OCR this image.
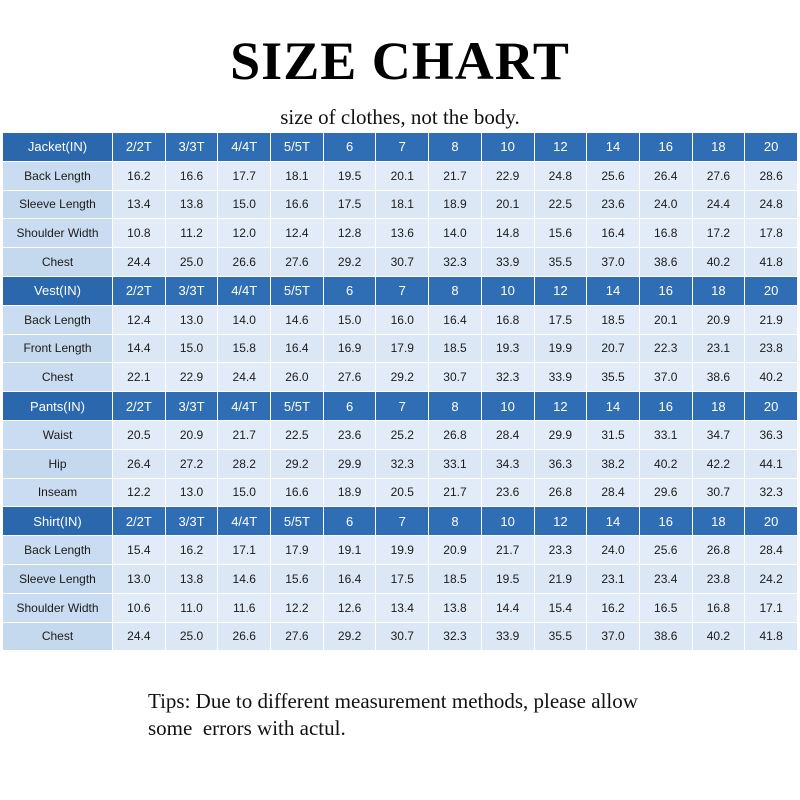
SIZE CHART
size of clothes, not the body.
Jacket(IN)	2/2T	3/3T	4/4T	5/5T	6	7	8	10	12	14	16	18	20
Back Length	16.2	16.6	17.7	18.1	19.5	20.1	21.7	22.9	24.8	25.6	26.4	27.6	28.6
Sleeve Length	13.4	13.8	15.0	16.6	17.5	18.1	18.9	20.1	22.5	23.6	24.0	24.4	24.8
Shoulder Width	10.8	11.2	12.0	12.4	12.8	13.6	14.0	14.8	15.6	16.4	16.8	17.2	17.8
Chest	24.4	25.0	26.6	27.6	29.2	30.7	32.3	33.9	35.5	37.0	38.6	40.2	41.8
Vest(IN)	2/2T	3/3T	4/4T	5/5T	6	7	8	10	12	14	16	18	20
Back Length	12.4	13.0	14.0	14.6	15.0	16.0	16.4	16.8	17.5	18.5	20.1	20.9	21.9
Front Length	14.4	15.0	15.8	16.4	16.9	17.9	18.5	19.3	19.9	20.7	22.3	23.1	23.8
Chest	22.1	22.9	24.4	26.0	27.6	29.2	30.7	32.3	33.9	35.5	37.0	38.6	40.2
Pants(IN)	2/2T	3/3T	4/4T	5/5T	6	7	8	10	12	14	16	18	20
Waist	20.5	20.9	21.7	22.5	23.6	25.2	26.8	28.4	29.9	31.5	33.1	34.7	36.3
Hip	26.4	27.2	28.2	29.2	29.9	32.3	33.1	34.3	36.3	38.2	40.2	42.2	44.1
Inseam	12.2	13.0	15.0	16.6	18.9	20.5	21.7	23.6	26.8	28.4	29.6	30.7	32.3
Shirt(IN)	2/2T	3/3T	4/4T	5/5T	6	7	8	10	12	14	16	18	20
Back Length	15.4	16.2	17.1	17.9	19.1	19.9	20.9	21.7	23.3	24.0	25.6	26.8	28.4
Sleeve Length	13.0	13.8	14.6	15.6	16.4	17.5	18.5	19.5	21.9	23.1	23.4	23.8	24.2
Shoulder Width	10.6	11.0	11.6	12.2	12.6	13.4	13.8	14.4	15.4	16.2	16.5	16.8	17.1
Chest	24.4	25.0	26.6	27.6	29.2	30.7	32.3	33.9	35.5	37.0	38.6	40.2	41.8
Tips: Due to different measurement methods, please allow
some  errors with actul.
